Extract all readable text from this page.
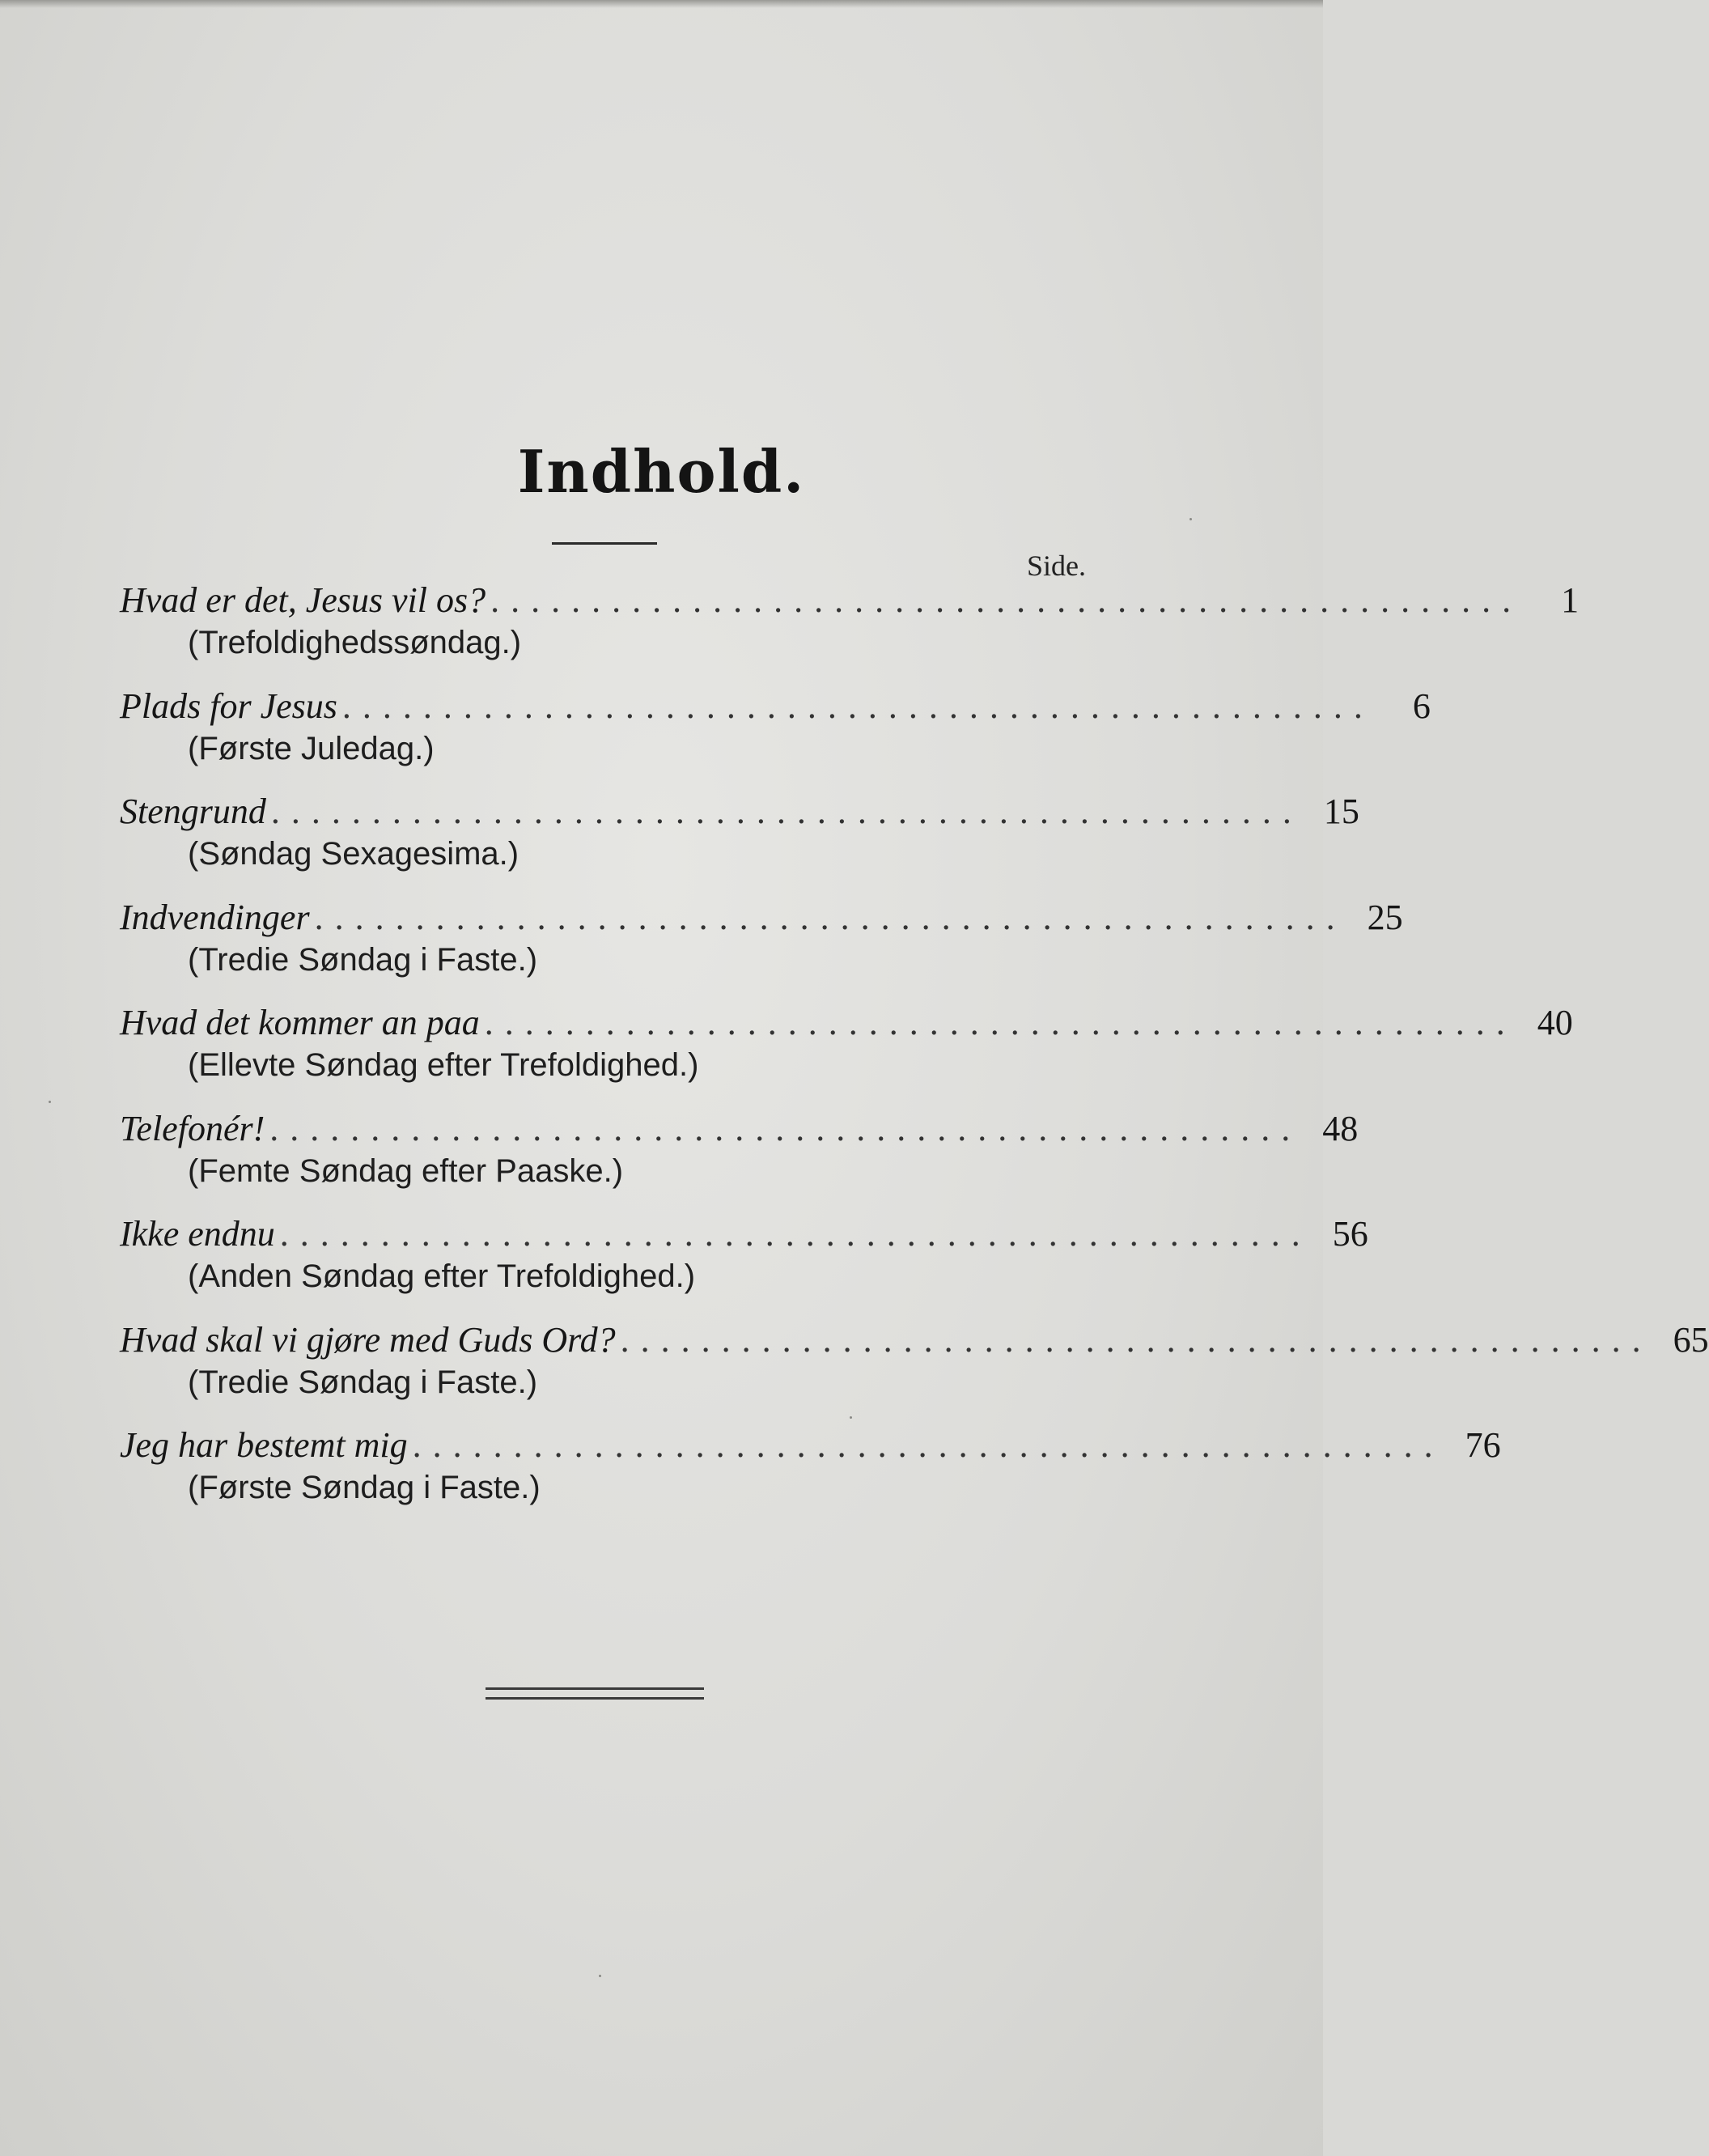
Indhold.
Side.
Hvad er det, Jesus vil os? ...................................................	1
(Trefoldighedssøndag.)
Plads for Jesus ...................................................	6
(Første Juledag.)
Stengrund ................................................... 15
(Søndag Sexagesima.)
Indvendinger ................................................... 25
(Tredie Søndag i Faste.)
Hvad det kommer an paa ................................................... 40
(Ellevte Søndag efter Trefoldighed.)
Telefonér! ................................................... 48
(Femte Søndag efter Paaske.)
Ikke endnu ................................................... 56
(Anden Søndag efter Trefoldighed.)
Hvad skal vi gjøre med Guds Ord? ................................................... 65
(Tredie Søndag i Faste.)
Jeg har bestemt mig ................................................... 76
(Første Søndag i Faste.)
